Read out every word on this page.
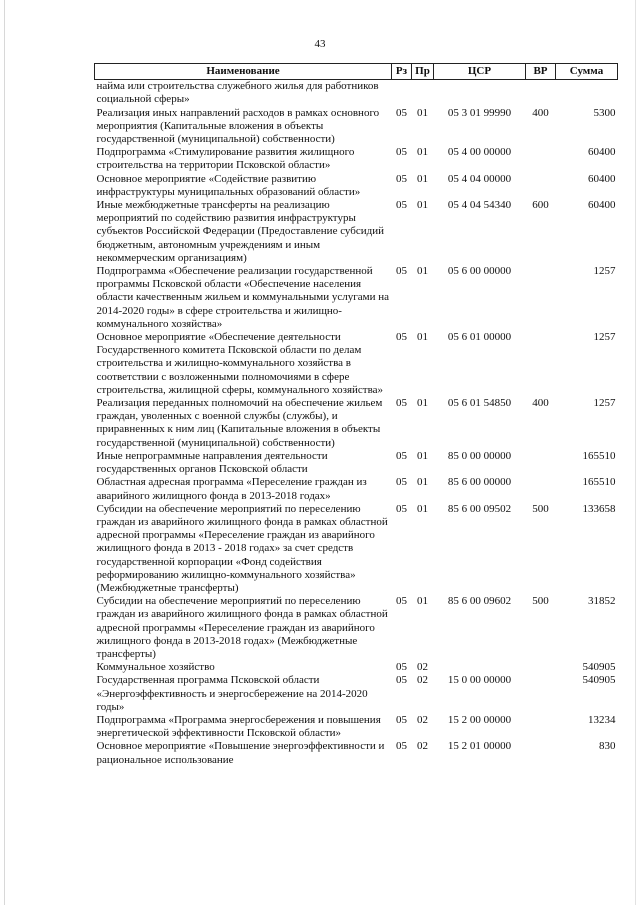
43
Наименование	Рз	Пр	ЦСР	ВР	Сумма
найма или строительства служебного жилья для работников социальной сферы»					
Реализация иных направлений расходов в рамках основного мероприятия (Капитальные вложения в объекты государственной (муниципальной) собственности)	05	01	05 3 01 99990	400	5300
Подпрограмма «Стимулирование развития жилищного строительства на территории Псковской области»	05	01	05 4 00 00000		60400
Основное мероприятие «Содействие развитию инфраструктуры муниципальных образований области»	05	01	05 4 04 00000		60400
Иные межбюджетные трансферты на реализацию мероприятий по содействию развития инфраструктуры субъектов Российской Федерации (Предоставление субсидий бюджетным, автономным учреждениям и иным некоммерческим организациям)	05	01	05 4 04 54340	600	60400
Подпрограмма «Обеспечение реализации государственной программы Псковской области «Обеспечение населения области качественным жильем и коммунальными услугами на 2014-2020 годы» в сфере строительства и жилищно-коммунального хозяйства»	05	01	05 6 00 00000		1257
Основное мероприятие «Обеспечение деятельности Государственного комитета Псковской области по делам строительства и жилищно-коммунального хозяйства в соответствии с возложенными полномочиями в сфере строительства, жилищной сферы, коммунального хозяйства»	05	01	05 6 01 00000		1257
Реализация переданных полномочий на обеспечение жильем граждан, уволенных с военной службы (службы), и приравненных к ним лиц (Капитальные вложения в объекты государственной (муниципальной) собственности)	05	01	05 6 01 54850	400	1257
Иные непрограммные направления деятельности государственных органов Псковской области	05	01	85 0 00 00000		165510
Областная адресная программа «Переселение граждан из аварийного жилищного фонда в 2013-2018 годах»	05	01	85 6 00 00000		165510
Субсидии на обеспечение мероприятий по переселению граждан из аварийного жилищного фонда в рамках областной адресной программы «Переселение граждан из аварийного жилищного фонда в 2013 - 2018 годах» за счет средств государственной корпорации «Фонд содействия реформированию жилищно-коммунального хозяйства» (Межбюджетные трансферты)	05	01	85 6 00 09502	500	133658
Субсидии на обеспечение мероприятий по переселению граждан из аварийного жилищного фонда в рамках областной адресной программы «Переселение граждан из аварийного жилищного фонда в 2013-2018 годах» (Межбюджетные трансферты)	05	01	85 6 00 09602	500	31852
Коммунальное хозяйство	05	02			540905
Государственная программа Псковской области «Энергоэффективность и энергосбережение на 2014-2020 годы»	05	02	15 0 00 00000		540905
Подпрограмма «Программа энергосбережения и повышения энергетической эффективности Псковской области»	05	02	15 2 00 00000		13234
Основное мероприятие «Повышение энергоэффективности и рациональное использование	05	02	15 2 01 00000		830
